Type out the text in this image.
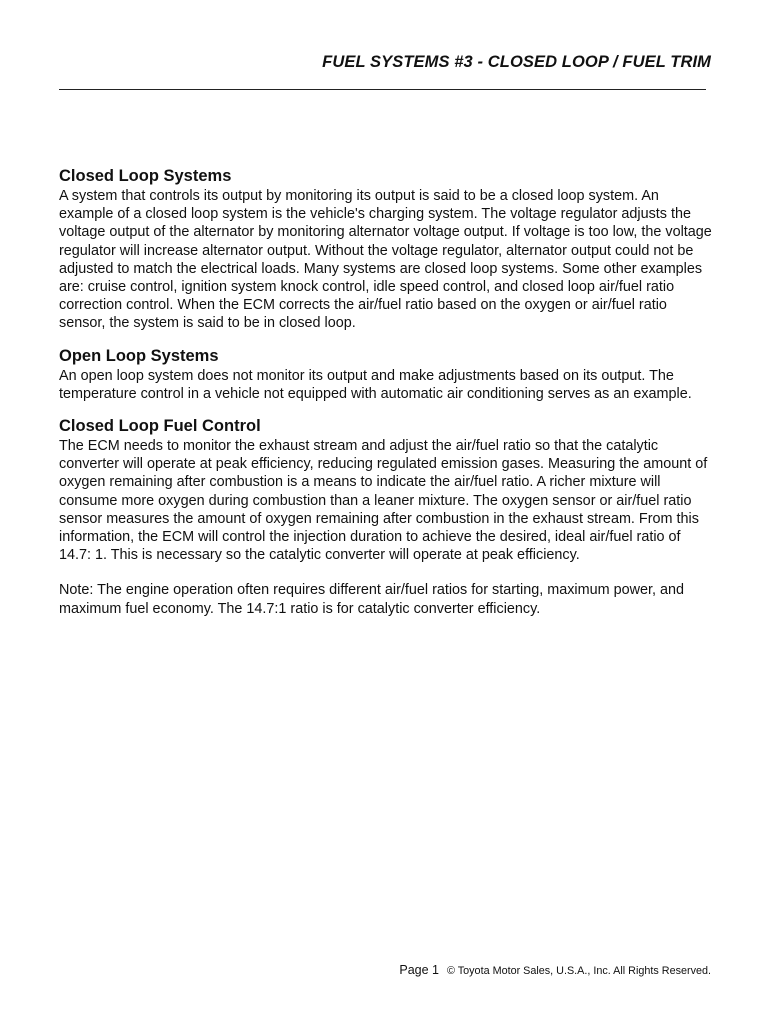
FUEL SYSTEMS #3 - CLOSED LOOP / FUEL TRIM
Closed Loop Systems

A system that controls its output by monitoring its output is said to be a closed loop system. An example of a closed loop system is the vehicle's charging system. The voltage regulator adjusts the voltage output of the alternator by monitoring alternator voltage output. If voltage is too low, the voltage regulator will increase alternator output. Without the voltage regulator, alternator output could not be adjusted to match the electrical loads. Many systems are closed loop systems. Some other examples are: cruise control, ignition system knock control, idle speed control, and closed loop air/fuel ratio correction control. When the ECM corrects the air/fuel ratio based on the oxygen or air/fuel ratio sensor, the system is said to be in closed loop.

Open Loop Systems

An open loop system does not monitor its output and make adjustments based on its output. The temperature control in a vehicle not equipped with automatic air conditioning serves as an example.

Closed Loop Fuel Control

The ECM needs to monitor the exhaust stream and adjust the air/fuel ratio so that the catalytic converter will operate at peak efficiency, reducing regulated emission gases. Measuring the amount of oxygen remaining after combustion is a means to indicate the air/fuel ratio. A richer mixture will consume more oxygen during combustion than a leaner mixture. The oxygen sensor or air/fuel ratio sensor measures the amount of oxygen remaining after combustion in the exhaust stream. From this information, the ECM will control the injection duration to achieve the desired, ideal air/fuel ratio of 14.7: 1. This is necessary so the catalytic converter will operate at peak efficiency.

Note: The engine operation often requires different air/fuel ratios for starting, maximum power, and maximum fuel economy. The 14.7:1 ratio is for catalytic converter efficiency.

Page 1 © Toyota Motor Sales, U.S.A., Inc. All Rights Reserved.
